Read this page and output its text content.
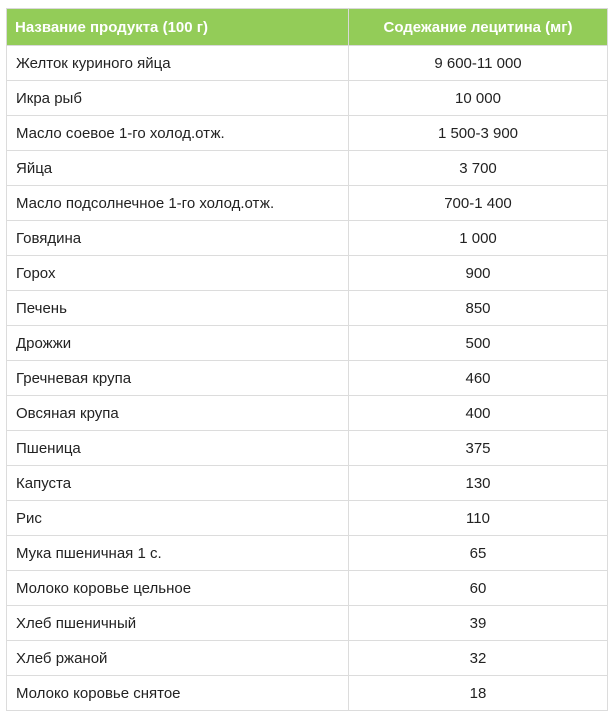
Название продукта (100 г)	Содежание лецитина (мг)
Желток куриного яйца	9 600-11 000
Икра рыб	10 000
Масло соевое 1-го холод.отж.	1 500-3 900
Яйца	3 700
Масло подсолнечное 1-го холод.отж.	700-1 400
Говядина	1 000
Горох	900
Печень	850
Дрожжи	500
Гречневая крупа	460
Овсяная крупа	400
Пшеница	375
Капуста	130
Рис	110
Мука пшеничная 1 с.	65
Молоко коровье цельное	60
Хлеб пшеничный	39
Хлеб ржаной	32
Молоко коровье снятое	18
